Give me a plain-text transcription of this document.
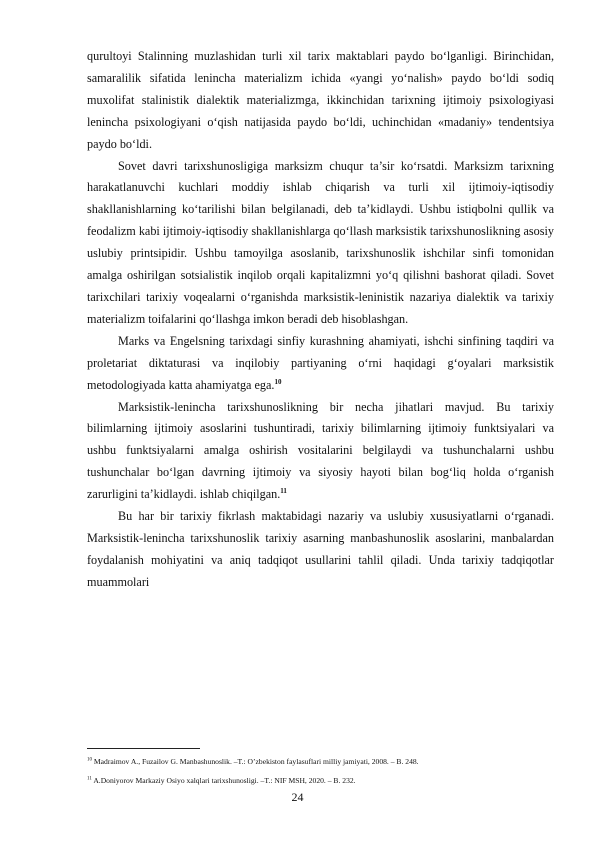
qurultoyi Stalinning muzlashidan turli xil tarix maktablari paydo bo‘lganligi. Birinchidan, samaralilik sifatida lenincha materializm ichida «yangi yo‘nalish» paydo bo‘ldi sodiq muxolifat stalinistik dialektik materializmga, ikkinchidan tarixning ijtimoiy psixologiyasi lenincha psixologiyani o‘qish natijasida paydo bo‘ldi, uchinchidan «madaniy» tendentsiya paydo bo‘ldi.

Sovet davri tarixshunosligiga marksizm chuqur ta’sir ko‘rsatdi. Marksizm tarixning harakatlanuvchi kuchlari moddiy ishlab chiqarish va turli xil ijtimoiy-iqtisodiy shakllanishlarning ko‘tarilishi bilan belgilanadi, deb ta’kidlaydi. Ushbu istiqbolni qullik va feodalizm kabi ijtimoiy-iqtisodiy shakllanishlarga qo‘llash marksistik tarixshunoslikning asosiy uslubiy printsipidir. Ushbu tamoyilga asoslanib, tarixshunoslik ishchilar sinfi tomonidan amalga oshirilgan sotsialistik inqilob orqali kapitalizmni yo‘q qilishni bashorat qiladi. Sovet tarixchilari tarixiy voqealarni o‘rganishda marksistik-leninistik nazariya dialektik va tarixiy materializm toifalarini qo‘llashga imkon beradi deb hisoblashgan.

Marks va Engelsning tarixdagi sinfiy kurashning ahamiyati, ishchi sinfining taqdiri va proletariat diktaturasi va inqilobiy partiyaning o‘rni haqidagi g‘oyalari marksistik metodologiyada katta ahamiyatga ega.$^{10}$

Marksistik-lenincha tarixshunoslikning bir necha jihatlari mavjud. Bu tarixiy bilimlarning ijtimoiy asoslarini tushuntiradi, tarixiy bilimlarning ijtimoiy funktsiyalari va ushbu funktsiyalarni amalga oshirish vositalarini belgilaydi va tushunchalarni ushbu tushunchalar bo‘lgan davrning ijtimoiy va siyosiy hayoti bilan bog‘liq holda o‘rganish zarurligini ta’kidlaydi. ishlab chiqilgan.$^{11}$

Bu har bir tarixiy fikrlash maktabidagi nazariy va uslubiy xususiyatlarni o‘rganadi. Marksistik-lenincha tarixshunoslik tarixiy asarning manbashunoslik asoslarini, manbalardan foydalanish mohiyatini va aniq tadqiqot usullarini tahlil qiladi. Unda tarixiy tadqiqotlar muammolari

$^{10}$ Madraimov A., Fuzailov G. Manbashunoslik. –T.: O’zbekiston faylasuflari milliy jamiyati, 2008. – B. 248.
$^{11}$ A.Doniyorov Markaziy Osiyo xalqlari tarixshunosligi. –T.: NIF MSH, 2020. – B. 232.
24
